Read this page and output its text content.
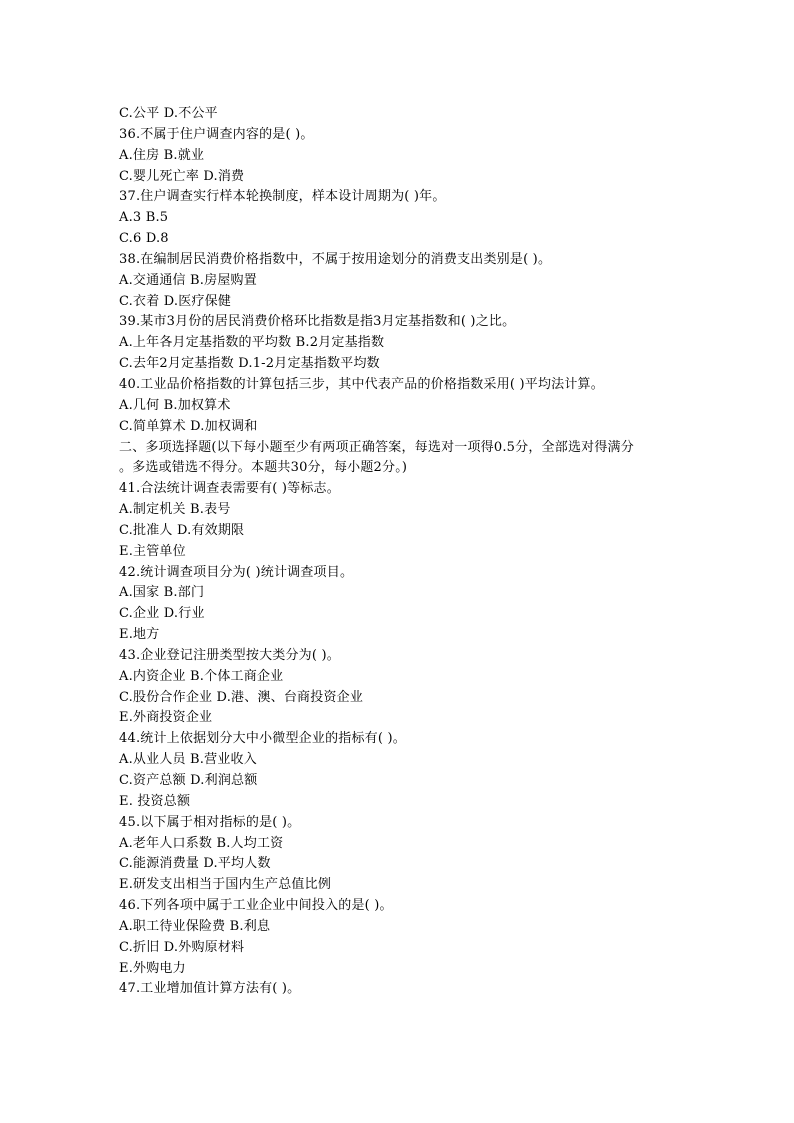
C.公平 D.不公平
36.不属于住户调查内容的是( )。
A.住房 B.就业
C.婴儿死亡率 D.消费
37.住户调查实行样本轮换制度，样本设计周期为( )年。
A.3 B.5
C.6 D.8
38.在编制居民消费价格指数中，不属于按用途划分的消费支出类别是( )。
A.交通通信 B.房屋购置
C.衣着 D.医疗保健
39.某市3月份的居民消费价格环比指数是指3月定基指数和( )之比。
A.上年各月定基指数的平均数 B.2月定基指数
C.去年2月定基指数 D.1-2月定基指数平均数
40.工业品价格指数的计算包括三步，其中代表产品的价格指数采用( )平均法计算。
A.几何 B.加权算术
C.简单算术 D.加权调和
二、多项选择题(以下每小题至少有两项正确答案，每选对一项得0.5分，全部选对得满分
。多选或错选不得分。本题共30分，每小题2分。)
41.合法统计调查表需要有( )等标志。
A.制定机关 B.表号
C.批准人 D.有效期限
E.主管单位
42.统计调查项目分为( )统计调查项目。
A.国家 B.部门
C.企业 D.行业
E.地方
43.企业登记注册类型按大类分为( )。
A.内资企业 B.个体工商企业
C.股份合作企业 D.港、澳、台商投资企业
E.外商投资企业
44.统计上依据划分大中小微型企业的指标有( )。
A.从业人员 B.营业收入
C.资产总额 D.利润总额
E. 投资总额
45.以下属于相对指标的是( )。
A.老年人口系数 B.人均工资
C.能源消费量 D.平均人数
E.研发支出相当于国内生产总值比例
46.下列各项中属于工业企业中间投入的是( )。
A.职工待业保险费 B.利息
C.折旧 D.外购原材料
E.外购电力
47.工业增加值计算方法有( )。
